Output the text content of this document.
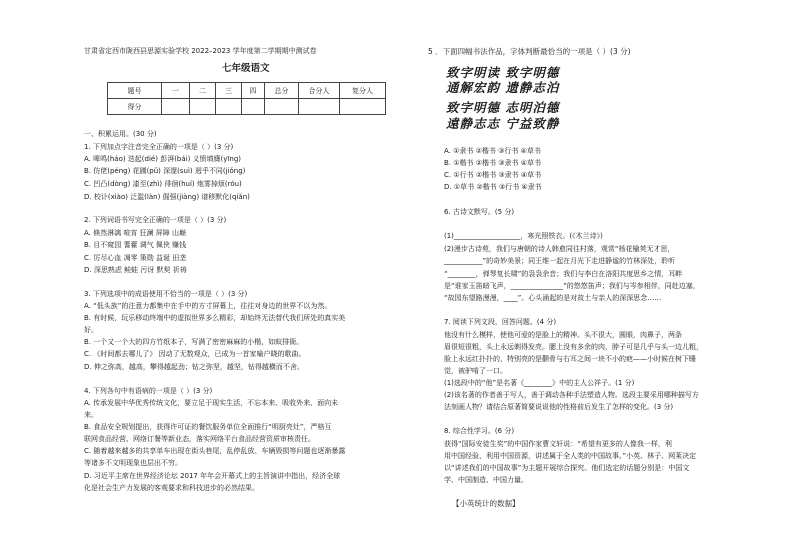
甘肃省定西市陇西县思源实验学校 2022–2023 学年度第二学期期中测试卷
七年级语文
题号	一	二	三	四	总分	合分人	复分人
得分							
一、积累运用。(30 分)
1. 下列加点字注音完全正确的一项是（ ）(3 分)
A. 嗥鸣(háo) 迭起(dié) 彭湃(bái) 义愤填膺(yīng)
B. 仿佬(péng) 花圃(pǔ) 深邃(suì) 迥乎不同(jiǒng)
C. 凹凸(dòng) 漆至(zhì) 徘徊(huí) 炮雾掉烦(róu)
D. 校讣(xiào) 泛滥(làn) 倔强(jiàng) 谱移默化(qiǎn)
2. 下列词语书写完全正确的一项是（ ）(3 分)
A. 倏然淋漓 喧宵 狂澜 屏障 山巅
B. 目不窥园 蓍藿 调气 佩侠 赚钱
C. 厉尽心血 凋零 策勋 益诞 田垄
D. 深思熟虑 鲑蛙 污讶 默契 祈祷
3. 下列选项中的成语使用不恰当的一项是（ ）(3 分)
A. “低头族”的注意力都集中在手中的方寸屏幕上，往往对身边的世界不以为然。
B. 有时候，玩乐移动终端中的虚拟世界多么精彩，却始终无法替代我们所处的真实美
好。
B. 一个又一个大的四方竹纸本子，写满了密密麻麻的小楷，如蚁排衙。
C. 《时间都去哪儿了》 因动了无数观众，已成为一首家喻户晓的歌曲。
D. 伸之弥高，越高，攀得越起劲；钻之弥坚，越坚，钻得越横而不舍。
4. 下列各句中有语病的一项是（ ）(3 分)
A. 传承发展中华优秀传统文化，要立足于现实生活，不忘本来、吸收外来、面向未
来。
B. 食品安全规划提出，获得许可证的餐饮服务单位全面推行“明厨亮灶”，严格互
联网食品经营、网络订餐等新业态，落实网络平台食品经营资质审核责任。
C. 随着越来越多的共享单车出现在街头巷尾，乱停乱放、车辆毁损等问题也逐渐暴露
等诸多不文明现象也层出不穷。
D. 习近平主席在世界经济论坛 2017 年年会开幕式上的主旨演讲中指出，经济全球
化是社会生产力发展的客观要求和科技进步的必然结果。
5 ．下面四幅书法作品，字体判断最恰当的一项是（ ）(3 分)
致字明读 致字明德
通解宏韵 遗静志泊
致字明德 志明泊德
遠静志志 宁益致静
A. ①隶书 ②楷书 ③行书 ④草书
B. ①楷书 ②楷书 ③隶书 ④草书
C. ①行书 ②楷书 ③隶书 ④草书
D. ①草书 ②楷书 ③行书 ④隶书
6. 古诗文默写。(5 分)
(1)___________________，寒光照铁衣。(《木兰诗》)
(2)漫步古诗苑，我们与唐朝的诗人韩愈同往村落，观赏“杨花榆荚无才思，
___________”的奇妙美景；同王维一起在月光下走进静谧的竹林深处，聆听
“________，弹琴复长啸”的袅袅余音；我们与李白在洛阳共度思乡之情，耳畔
是“谁家玉笛暗飞声，_______________”的悠悠笛声；我们与岑参相伴，同赴边塞，
“故园东望路漫漫，____”。心头涌起的是对故土与亲人的深深思念……
7. 阅读下列文段，回答问题。(4 分)
他没有什么模样，使他可爱的是脸上的精神。头不很大，圆眼，肉鼻子，两条
眉很短很粗，头上永远剃得发亮。腮上没有多余的肉，脖子可是几乎与头一边儿粗，
脸上永远红扑扑的，特别亮的是颧骨与右耳之间一块不小的疤——小时候在树下睡
觉，被驴啃了一口。
(1)选段中的“他”是名著《________》中的主人公祥子。(1 分)
(2)该名著的作者善于写人，善于调动各种手法塑造人物。选段主要采用哪种描写方
法刻画人物？请结合原著简要说说他的性格前后发生了怎样的变化。(3 分)
8. 综合性学习。(6 分)
获得“国际安徒生奖”的中国作家曹文轩说：“希望有更多的人像我一样，利
用中国经验、利用中国资源，讲述属于全人类的中国故事。”小英、林子、网莱决定
以“讲述我们的中国故事”为主题开展综合探究。他们选定的话题分别是：中国文
学、中国制造、中国力量。
【小英统计的数据】
